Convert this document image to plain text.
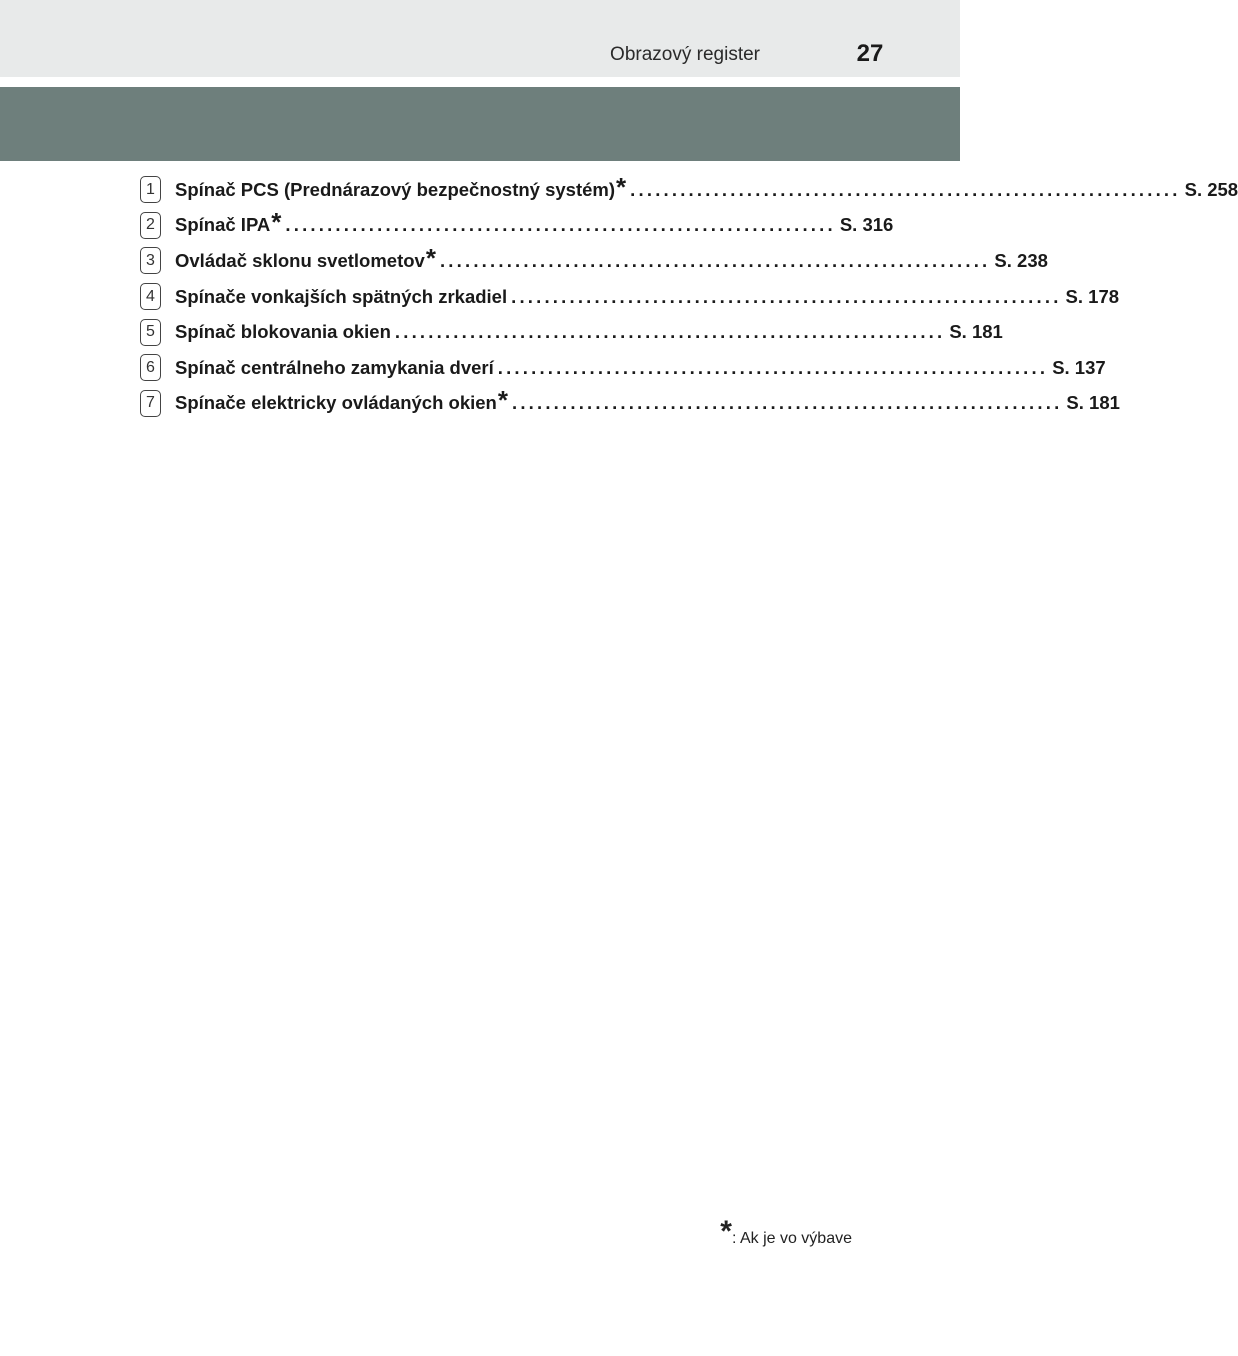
Obrazový register	27
1	Spínač PCS (Prednárazový bezpečnostný systém) * .................................................................. S. 258
2	Spínač IPA * .................................................................. S. 316
3	Ovládač sklonu svetlometov * .................................................................. S. 238
4	Spínače vonkajších spätných zrkadiel .................................................................. S. 178
5	Spínač blokovania okien .................................................................. S. 181
6	Spínač centrálneho zamykania dverí .................................................................. S. 137
7	Spínače elektricky ovládaných okien * .................................................................. S. 181
*: Ak je vo výbave
